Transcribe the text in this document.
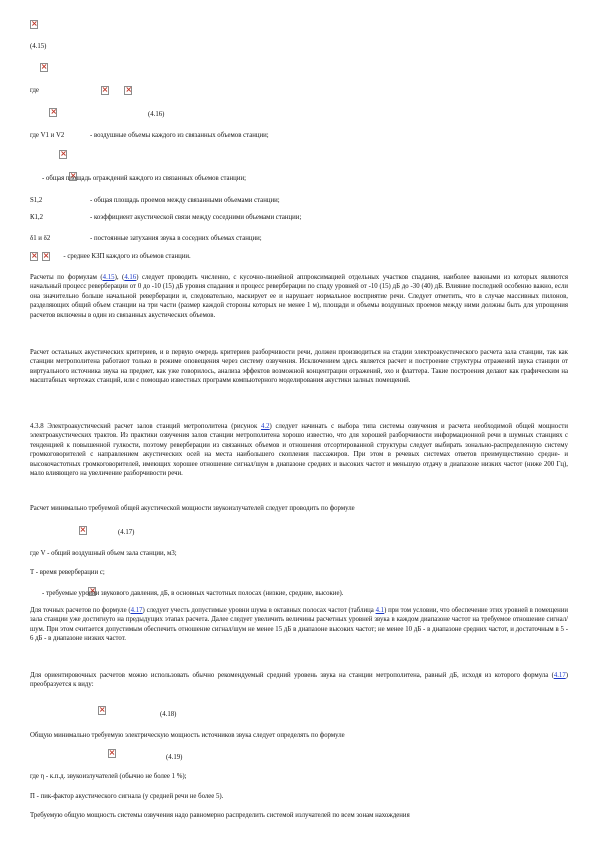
×
(4.15)
×
где × ×
×
(4.16)
где V1 и V2	- воздушные объемы каждого из связанных объемов станции;
× ×
- общая площадь ограждений каждого из связанных объемов станции;
S1,2	- общая площадь проемов между связанными объемами станции;
К1,2	- коэффициент акустической связи между соседними объемами станции;
δ1 и δ2	- постоянные затухания звука в соседних объемах станции;
× × - среднее КЗП каждого из объемов станции.
Расчеты по формулам (4.15), (4.16) следует проводить численно, с кусочно-линейной аппроксимацией отдельных участков спадания, наиболее важными из которых являются начальный процесс реверберации от 0 до -10 (15) дБ уровня спадания и процесс реверберации по спаду уровней от -10 (15) дБ до -30 (40) дБ. Влияние последней особенно важно, если она значительно больше начальной реверберации и, следовательно, маскирует ее и нарушает нормальное восприятие речи. Следует отметить, что в случае массивных пилонов, разделяющих общий объем станции на три части (размер каждой стороны которых не менее 1 м), площади и объемы воздушных проемов между ними должны быть для упрощения расчетов включены в один из связанных акустических объемов.
Расчет остальных акустических критериев, и в первую очередь критериев разборчивости речи, должен производиться на стадии электроакустического расчета зала станции, так как станции метрополитена работают только в режиме оповещения через систему озвучения. Исключением здесь является расчет и построение структуры отражений звука станции от виртуального источника звука на предмет, как уже говорилось, анализа эффектов возможной концентрации отражений, эхо и флаттера. Такие построения делают как графическим на масштабных чертежах станций, или с помощью известных программ компьютерного моделирования акустики залных помещений.
4.3.8 Электроакустический расчет залов станций метрополитена (рисунок 4.2) следует начинать с выбора типа системы озвучения и расчета необходимой общей мощности электроакустических трактов. Из практики озвучения залов станции метрополитена хорошо известно, что для хорошей разборчивости информационной речи в шумных станциях с тенденцией к повышенной гулкости, поэтому реверберации из связанных объемов и отношения отсортированной структуры следует выбирать зонально-распределенную систему громкоговорителей с направлением акустических осей на места наибольшего скопления пассажиров. При этом в речевых системах ответов преимущественно средне- и высокочастотных громкоговорителей, имеющих хорошее отношение сигнал/шум в диапазоне средних и высоких частот и меньшую отдачу в диапазоне низких частот (ниже 200 Гц), мало влияющего на увеличение разборчивости речи.
Расчет минимально требуемой общей акустической мощности звукоизлучателей следует проводить по формуле
×
(4.17)
где V - общий воздушный объем зала станции, м3;
T - время реверберации с;
×
- требуемые уровни звукового давления, дБ, в основных частотных полосах (низкие, средние, высокие).
Для точных расчетов по формуле (4.17) следует учесть допустимые уровни шума в октавных полосах частот (таблица 4.1) при том условии, что обеспечение этих уровней в помещении зала станции уже достигнуто на предыдущих этапах расчета. Далее следует увеличить величины расчетных уровней звука в каждом диапазоне частот на требуемое отношение сигнал/шум. При этом считается допустимым обеспечить отношение сигнал/шум не менее 15 дБ в диапазоне высоких частот; не менее 10 дБ - в диапазоне средних частот, и достаточным в 5 - 6 дБ - в диапазоне низких частот.
Для ориентировочных расчетов можно использовать обычно рекомендуемый средний уровень звука на станции метрополитена, равный дБ, исходя из которого формула (4.17) преобразуется к виду:
×
(4.18)
Общую минимально требуемую электрическую мощность источников звука следует определять по формуле
×
(4.19)
где η - к.п.д. звукоизлучателей (обычно не более 1 %);
П - пик-фактор акустического сигнала (у средней речи не более 5).
Требуемую общую мощность системы озвучения надо равномерно распределить системой излучателей по всем зонам нахождения
